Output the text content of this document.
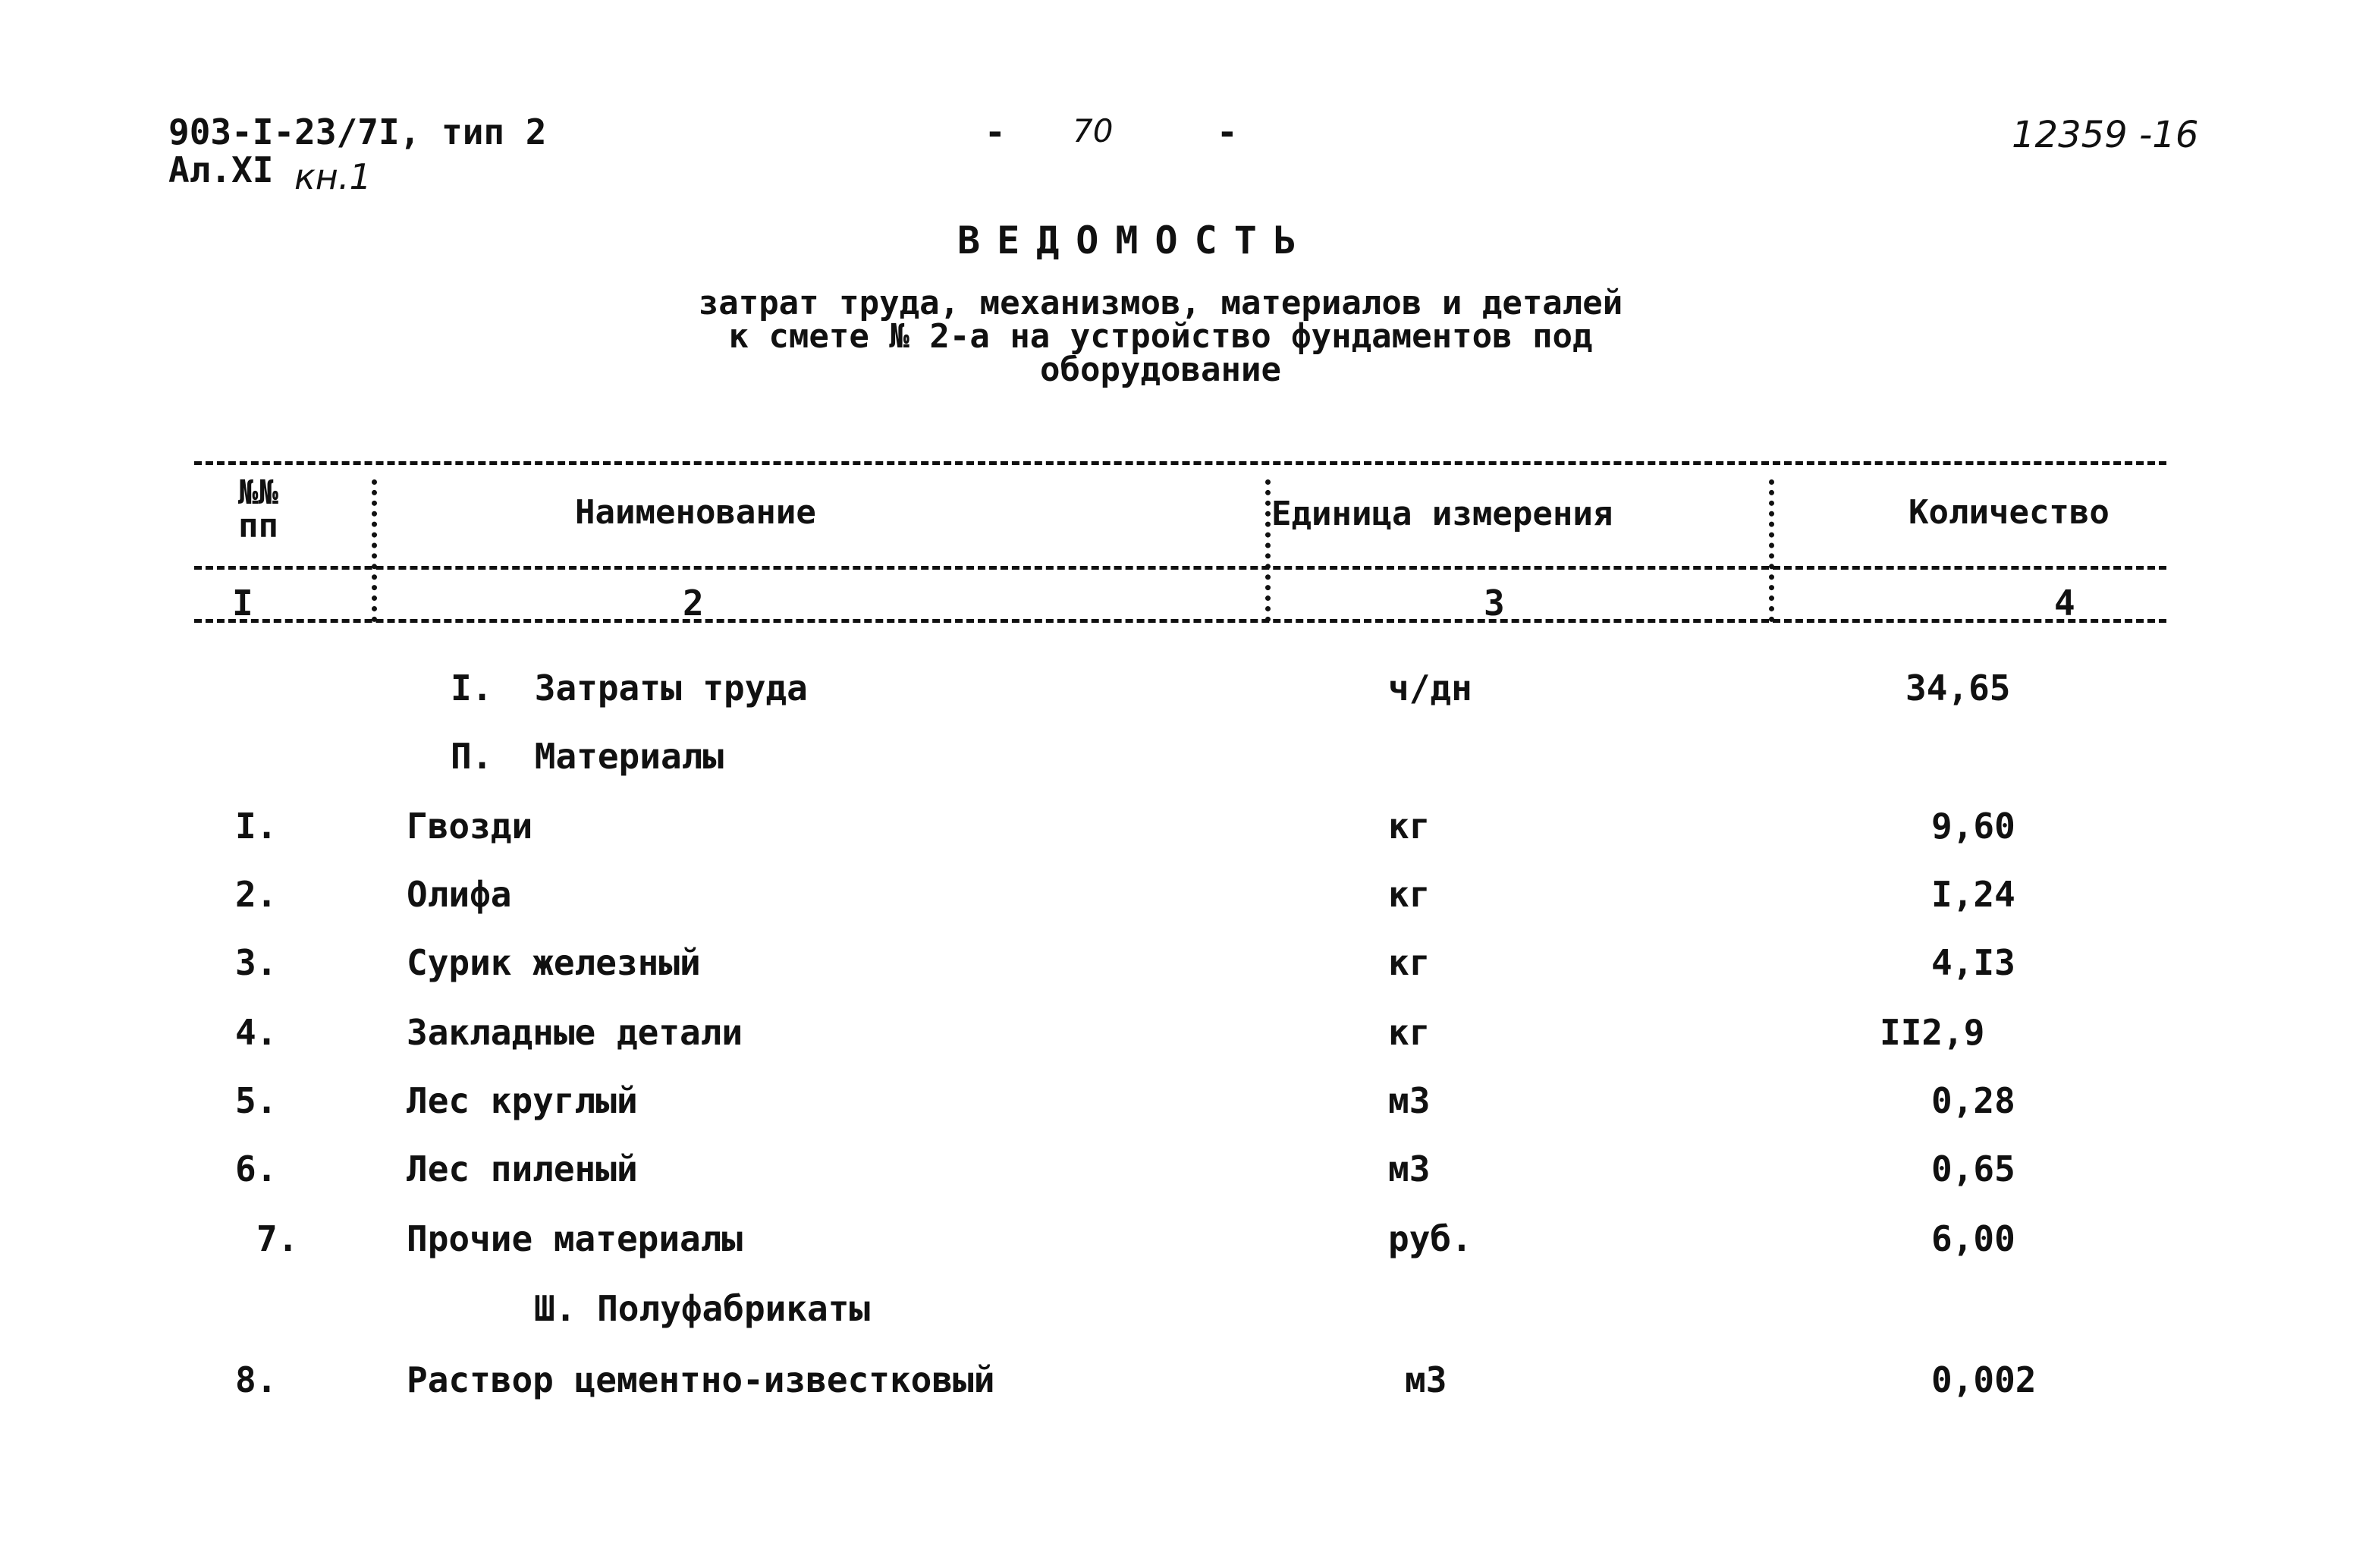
903-I-23/7I, тип 2
Ал.XI кн.1
- 70	-	12359 -16
ВЕДОМОСТЬ
затрат труда, механизмов, материалов и деталей
к смете № 2-а на устройство фундаментов под
оборудование
№№
пп	Наименование	Единица измерения	Количество
I	2	3	4
I.  Затраты труда	ч/дн	34,65
П.  Материалы
I.	Гвозди	кг	9,60
2.	Олифа	кг	I,24
3.	Сурик железный	кг	4,I3
4.	Закладные детали	кг	II2,9
5.	Лес круглый	м3	0,28
6.	Лес пиленый	м3	0,65
7.	Прочие материалы	руб.	6,00
Ш. Полуфабрикаты
8.	Раствор цементно-известковый	м3	0,002
